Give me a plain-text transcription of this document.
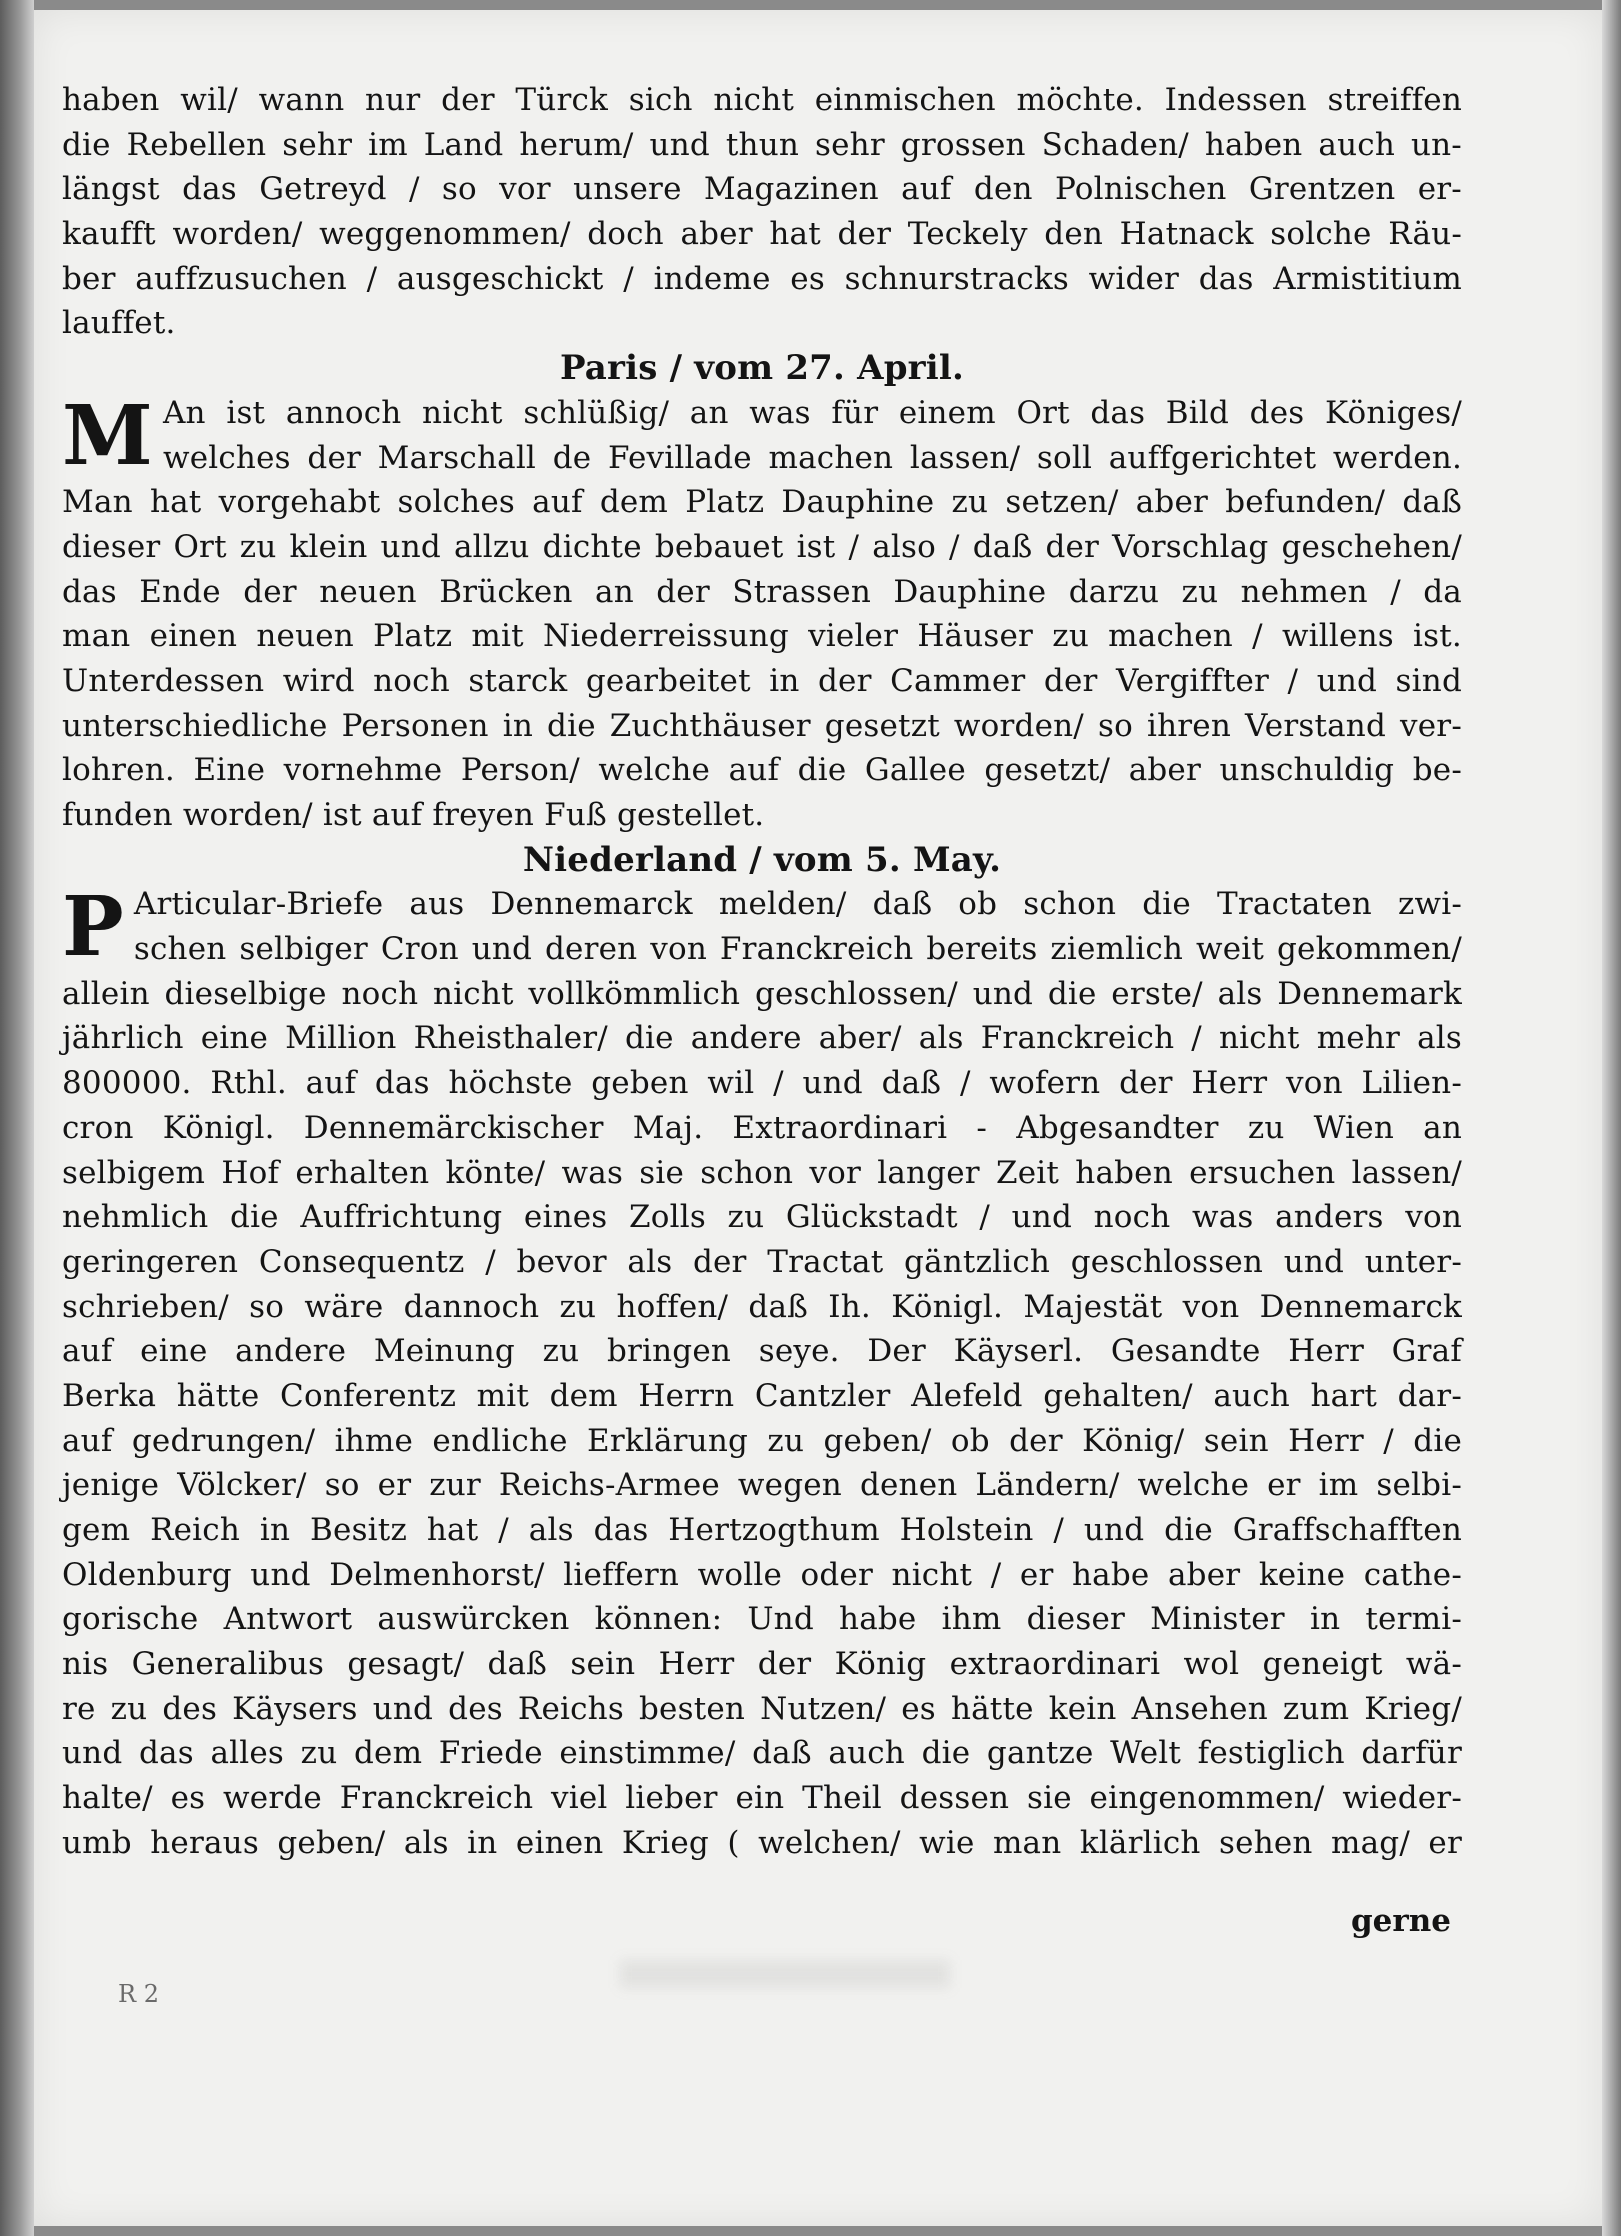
haben wil/ wann nur der Türck sich nicht einmischen möchte. Indessen streiffen
die Rebellen sehr im Land herum/ und thun sehr grossen Schaden/ haben auch un-
längst das Getreyd / so vor unsere Magazinen auf den Polnischen Grentzen er-
kaufft worden/ weggenommen/ doch aber hat der Teckely den Hatnack solche Räu-
ber auffzusuchen / ausgeschickt / indeme es schnurstracks wider das Armistitium
lauffet.
Paris / vom 27. April.
M An ist annoch nicht schlüßig/ an was für einem Ort das Bild des Königes/
welches der Marschall de Fevillade machen lassen/ soll auffgerichtet werden.
Man hat vorgehabt solches auf dem Platz Dauphine zu setzen/ aber befunden/ daß
dieser Ort zu klein und allzu dichte bebauet ist / also / daß der Vorschlag geschehen/
das Ende der neuen Brücken an der Strassen Dauphine darzu zu nehmen / da
man einen neuen Platz mit Niederreissung vieler Häuser zu machen / willens ist.
Unterdessen wird noch starck gearbeitet in der Cammer der Vergiffter / und sind
unterschiedliche Personen in die Zuchthäuser gesetzt worden/ so ihren Verstand ver-
lohren. Eine vornehme Person/ welche auf die Gallee gesetzt/ aber unschuldig be-
funden worden/ ist auf freyen Fuß gestellet.
Niederland / vom 5. May.
P Articular-Briefe aus Dennemarck melden/ daß ob schon die Tractaten zwi-
schen selbiger Cron und deren von Franckreich bereits ziemlich weit gekommen/
allein dieselbige noch nicht vollkömmlich geschlossen/ und die erste/ als Dennemark
jährlich eine Million Rheisthaler/ die andere aber/ als Franckreich / nicht mehr als
800000. Rthl. auf das höchste geben wil / und daß / wofern der Herr von Lilien-
cron Königl. Dennemärckischer Maj. Extraordinari - Abgesandter zu Wien an
selbigem Hof erhalten könte/ was sie schon vor langer Zeit haben ersuchen lassen/
nehmlich die Auffrichtung eines Zolls zu Glückstadt / und noch was anders von
geringeren Consequentz / bevor als der Tractat gäntzlich geschlossen und unter-
schrieben/ so wäre dannoch zu hoffen/ daß Ih. Königl. Majestät von Dennemarck
auf eine andere Meinung zu bringen seye. Der Käyserl. Gesandte Herr Graf
Berka hätte Conferentz mit dem Herrn Cantzler Alefeld gehalten/ auch hart dar-
auf gedrungen/ ihme endliche Erklärung zu geben/ ob der König/ sein Herr / die
jenige Völcker/ so er zur Reichs-Armee wegen denen Ländern/ welche er im selbi-
gem Reich in Besitz hat / als das Hertzogthum Holstein / und die Graffschafften
Oldenburg und Delmenhorst/ lieffern wolle oder nicht / er habe aber keine cathe-
gorische Antwort auswürcken können: Und habe ihm dieser Minister in termi-
nis Generalibus gesagt/ daß sein Herr der König extraordinari wol geneigt wä-
re zu des Käysers und des Reichs besten Nutzen/ es hätte kein Ansehen zum Krieg/
und das alles zu dem Friede einstimme/ daß auch die gantze Welt festiglich darfür
halte/ es werde Franckreich viel lieber ein Theil dessen sie eingenommen/ wieder-
umb heraus geben/ als in einen Krieg ( welchen/ wie man klärlich sehen mag/ er
gerne
R 2
